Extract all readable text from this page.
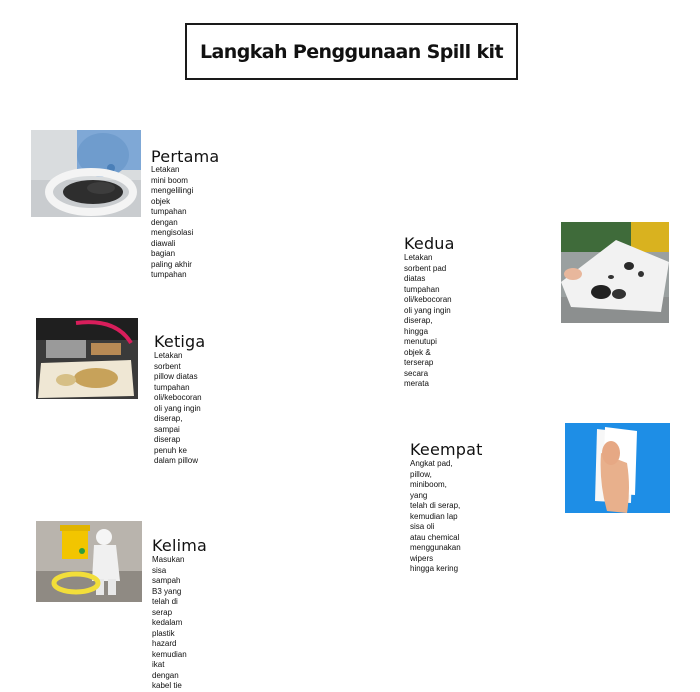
Langkah Penggunaan Spill kit
Pertama

Letakan mini boom mengelilingi
objek tumpahan dengan mengisolasi
diawali bagian paling akhir tumpahan

Kedua

Letakan sorbent pad diatas tumpahan
oli/kebocoran oli yang ingin diserap,
hingga menutupi objek & terserap
secara merata

Ketiga

Letakan sorbent pillow diatas tumpahan
oli/kebocoran oli yang ingin diserap,
sampai diserap penuh ke dalam pillow

Keempat

Angkat pad, pillow, miniboom, yang
telah di serap, kemudian lap sisa oli
atau chemical menggunakan wipers
hingga kering

Kelima

Masukan sisa sampah B3 yang telah di serap
kedalam plastik hazard kemudian ikat dengan
kabel tie
